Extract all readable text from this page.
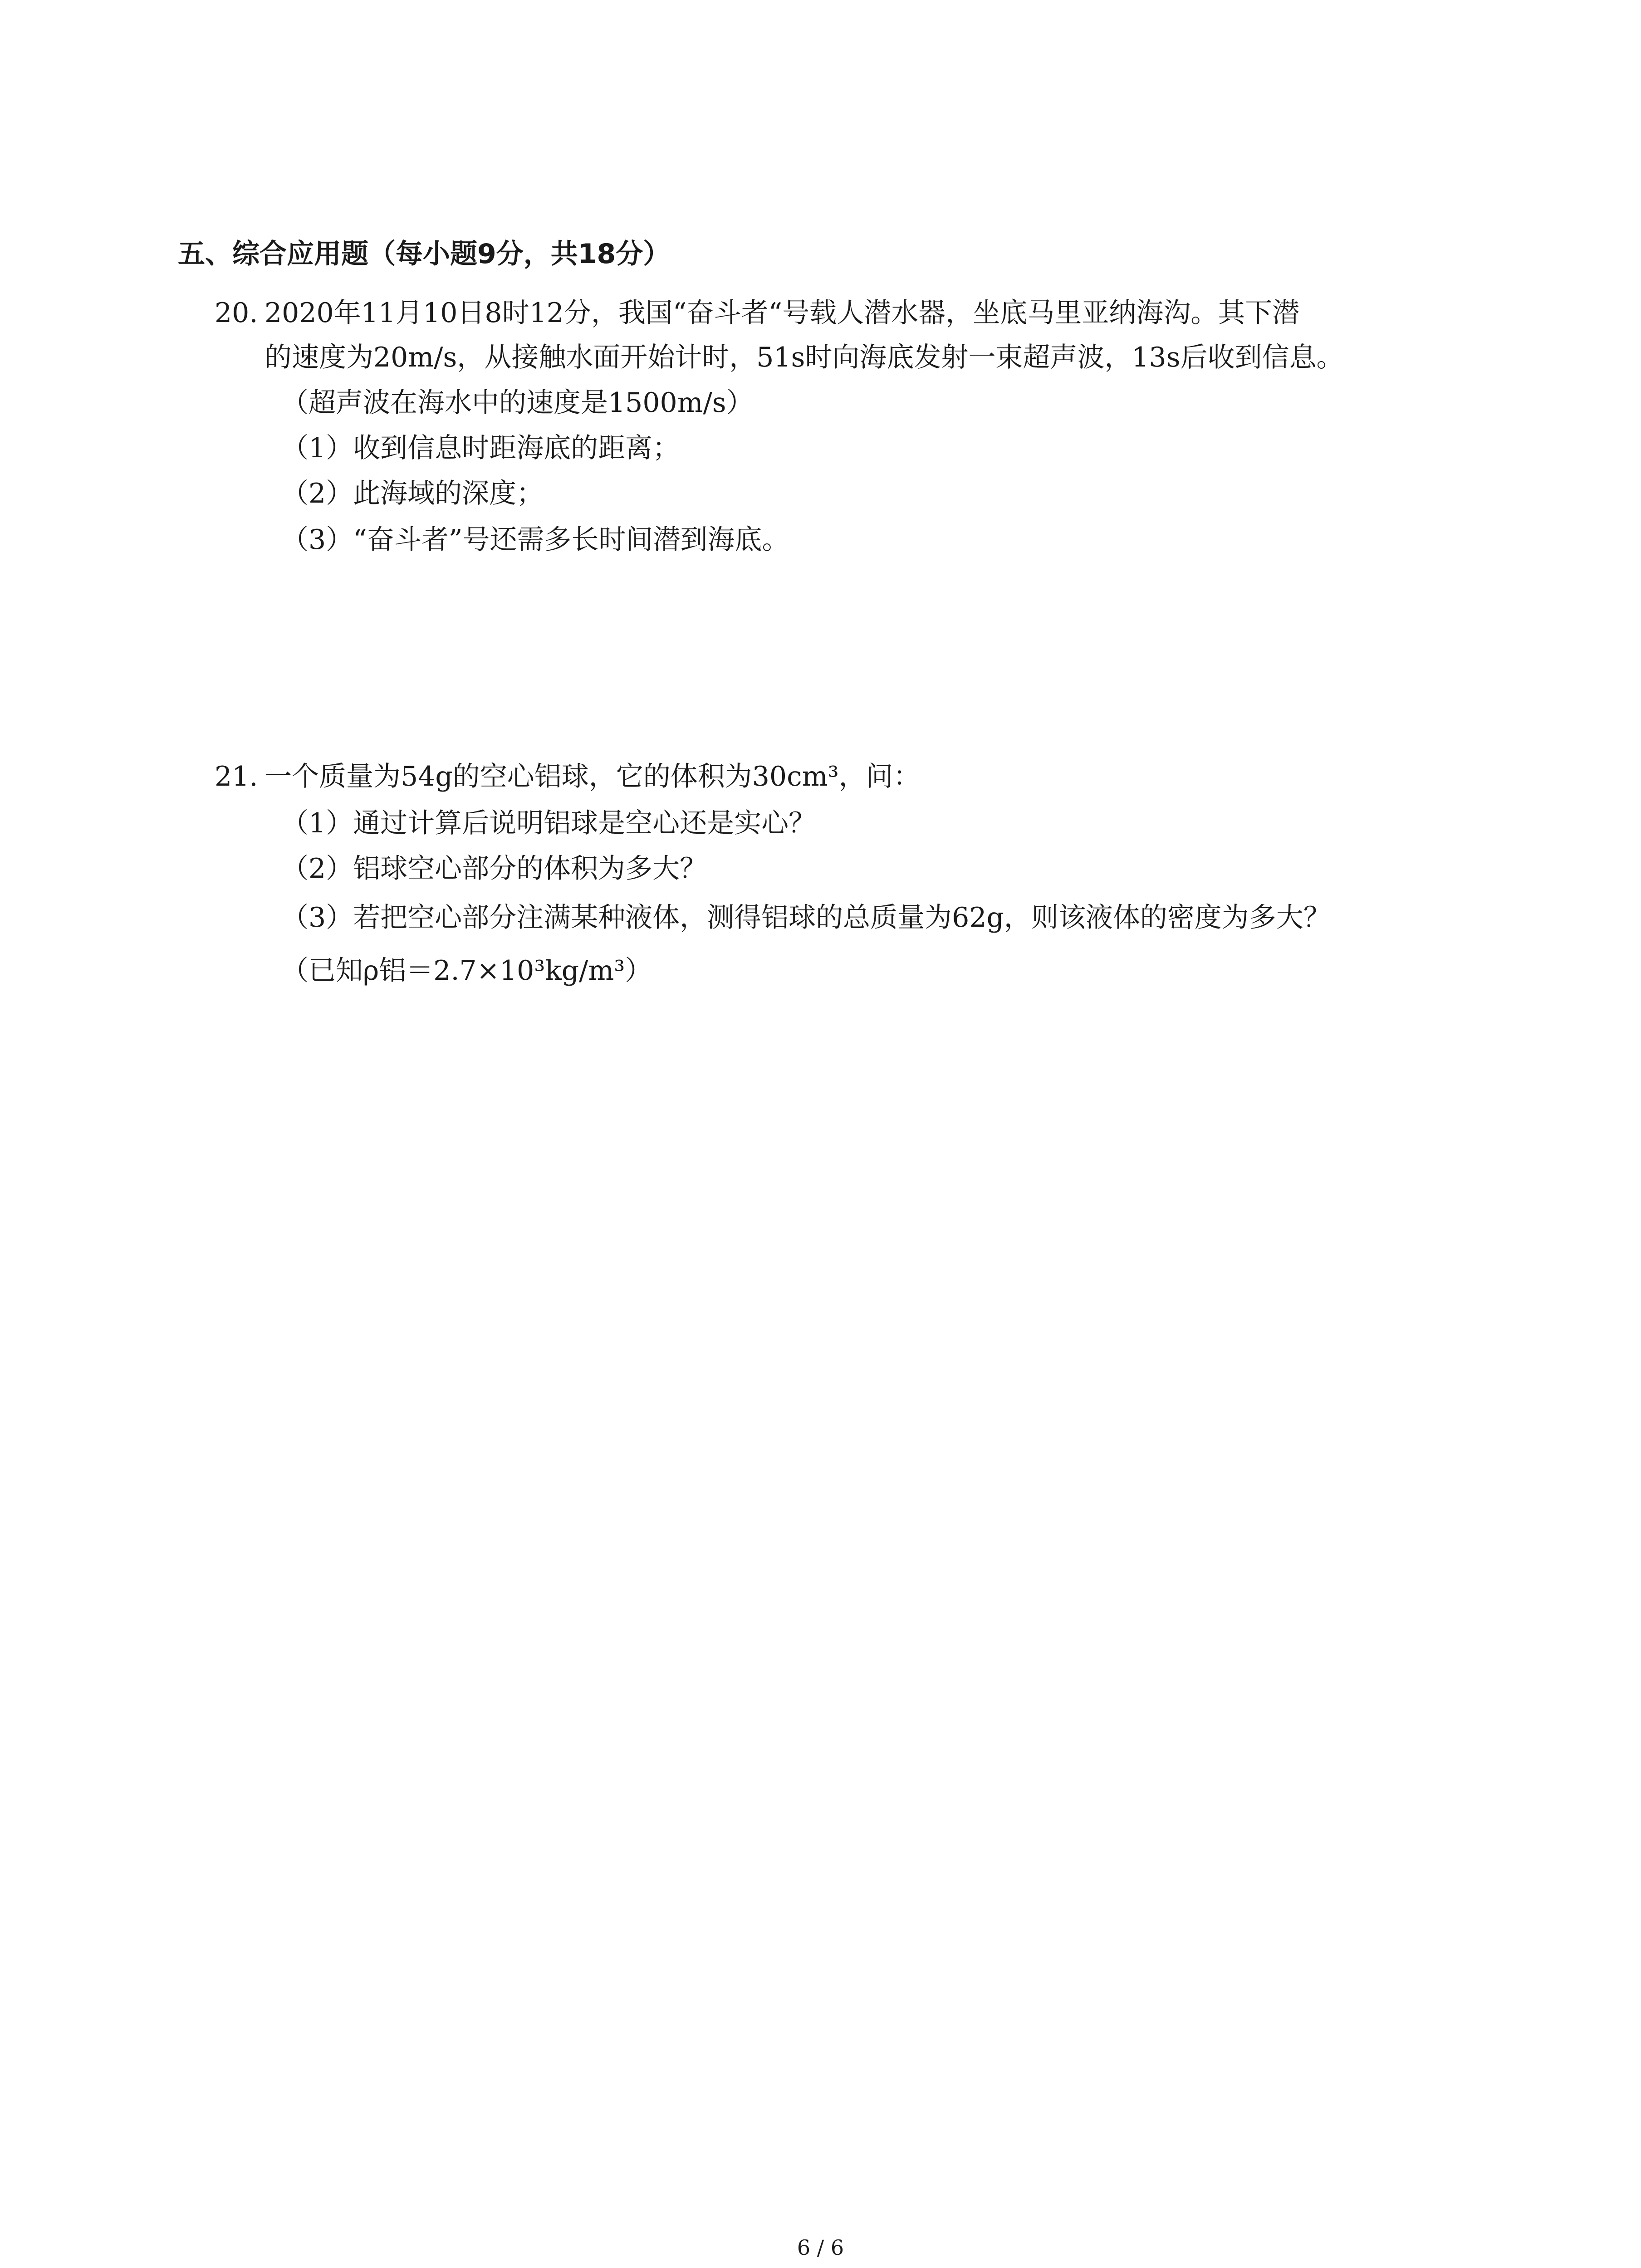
五、综合应用题（每小题9分，共18分）
20. 2020年11月10日8时12分，我国“奋斗者“号载人潜水器，坐底马里亚纳海沟。其下潜
的速度为20m/s，从接触水面开始计时，51s时向海底发射一束超声波，13s后收到信息。
（超声波在海水中的速度是1500m/s）
（1）收到信息时距海底的距离；
（2）此海域的深度；
（3）“奋斗者”号还需多长时间潜到海底。
21. 一个质量为54g的空心铝球，它的体积为30cm³，问：
（1）通过计算后说明铝球是空心还是实心？
（2）铝球空心部分的体积为多大？
（3）若把空心部分注满某种液体，测得铝球的总质量为62g，则该液体的密度为多大？
（已知ρ铝＝2.7×10³kg/m³）
6 / 6
